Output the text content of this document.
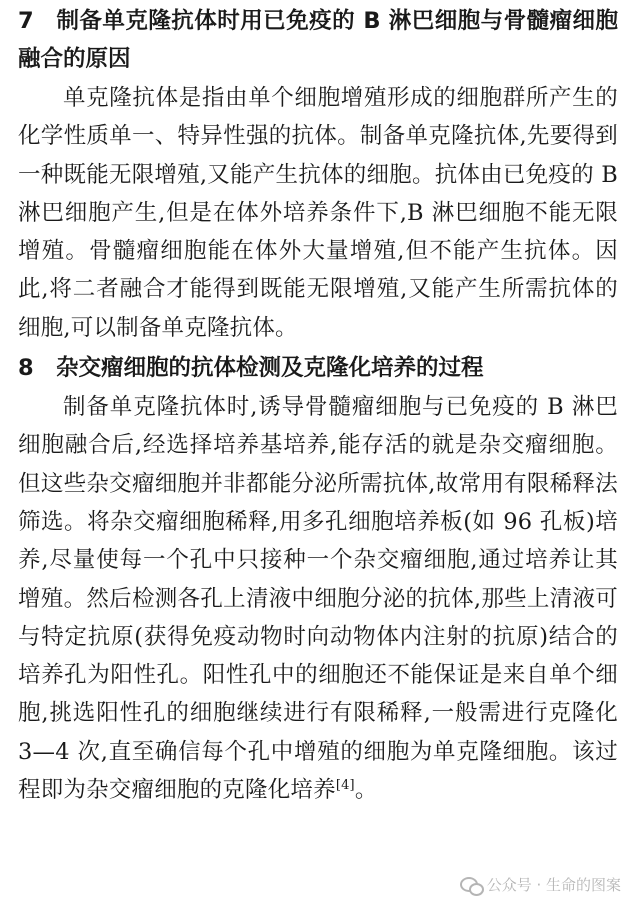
7 制备单克隆抗体时用已免疫的 B 淋巴细胞与骨髓瘤细胞融合的原因

单克隆抗体是指由单个细胞增殖形成的细胞群所产生的化学性质单一、特异性强的抗体。制备单克隆抗体,先要得到一种既能无限增殖,又能产生抗体的细胞。抗体由已免疫的 B 淋巴细胞产生,但是在体外培养条件下,B 淋巴细胞不能无限增殖。骨髓瘤细胞能在体外大量增殖,但不能产生抗体。因此,将二者融合才能得到既能无限增殖,又能产生所需抗体的细胞,可以制备单克隆抗体。

8 杂交瘤细胞的抗体检测及克隆化培养的过程

制备单克隆抗体时,诱导骨髓瘤细胞与已免疫的 B 淋巴细胞融合后,经选择培养基培养,能存活的就是杂交瘤细胞。但这些杂交瘤细胞并非都能分泌所需抗体,故常用有限稀释法筛选。将杂交瘤细胞稀释,用多孔细胞培养板(如 96 孔板)培养,尽量使每一个孔中只接种一个杂交瘤细胞,通过培养让其增殖。然后检测各孔上清液中细胞分泌的抗体,那些上清液可与特定抗原(获得免疫动物时向动物体内注射的抗原)结合的培养孔为阳性孔。阳性孔中的细胞还不能保证是来自单个细胞,挑选阳性孔的细胞继续进行有限稀释,一般需进行克隆化 3—4 次,直至确信每个孔中增殖的细胞为单克隆细胞。该过程即为杂交瘤细胞的克隆化培养[4]。

公众号 · 生命的图案
